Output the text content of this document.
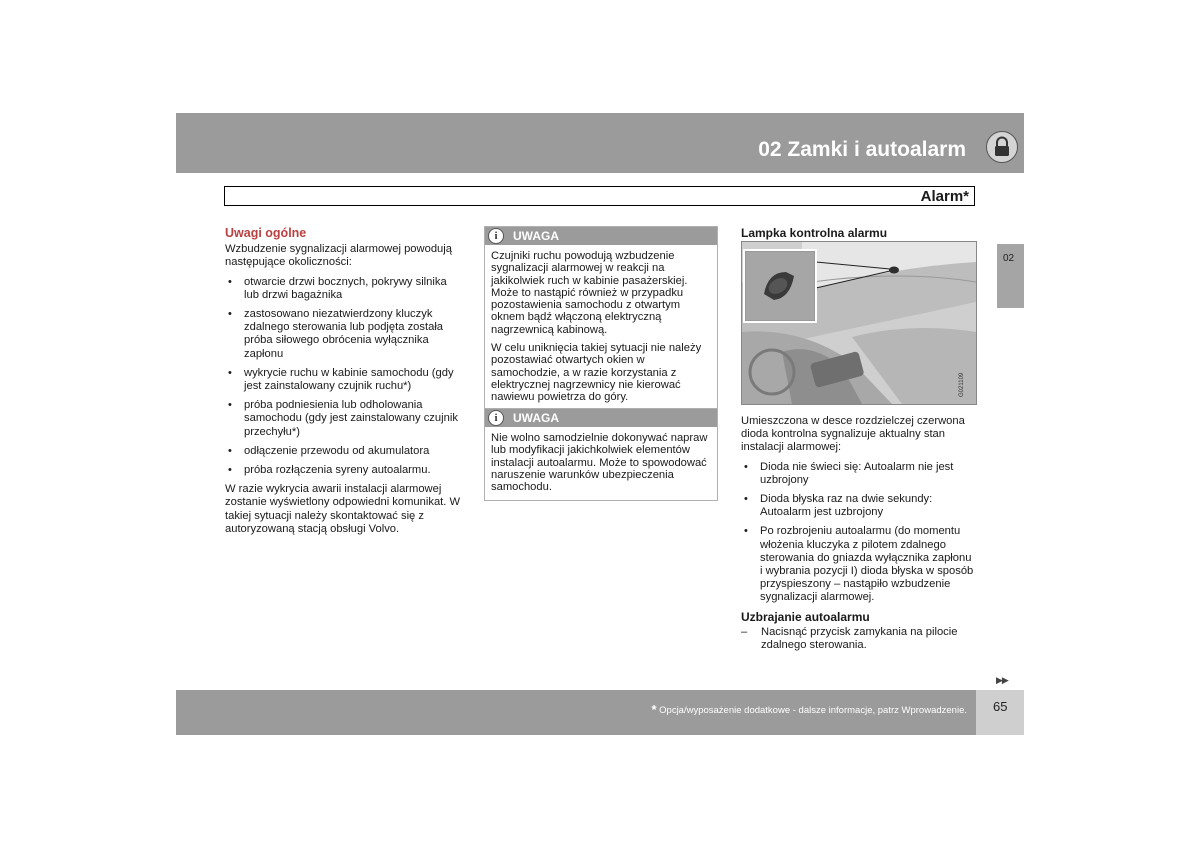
02 Zamki i autoalarm
Alarm*
02
Uwagi ogólne

Wzbudzenie sygnalizacji alarmowej powodują następujące okoliczności:

• otwarcie drzwi bocznych, pokrywy silnika lub drzwi bagażnika
• zastosowano niezatwierdzony kluczyk zdalnego sterowania lub podjęta została próba siłowego obrócenia wyłącznika zapłonu
• wykrycie ruchu w kabinie samochodu (gdy jest zainstalowany czujnik ruchu*)
• próba podniesienia lub odholowania samochodu (gdy jest zainstalowany czujnik przechyłu*)
• odłączenie przewodu od akumulatora
• próba rozłączenia syreny autoalarmu.

W razie wykrycia awarii instalacji alarmowej zostanie wyświetlony odpowiedni komunikat. W takiej sytuacji należy skontaktować się z autoryzowaną stacją obsługi Volvo.

i	UWAGA

Czujniki ruchu powodują wzbudzenie sygnalizacji alarmowej w reakcji na jakikolwiek ruch w kabinie pasażerskiej. Może to nastąpić również w przypadku pozostawienia samochodu z otwartym oknem bądź włączoną elektryczną nagrzewnicą kabinową.

W celu uniknięcia takiej sytuacji nie należy pozostawiać otwartych okien w samochodzie, a w razie korzystania z elektrycznej nagrzewnicy nie kierować nawiewu powietrza do góry.

i	UWAGA

Nie wolno samodzielnie dokonywać napraw lub modyfikacji jakichkolwiek elementów instalacji autoalarmu. Może to spowodować naruszenie warunków ubezpieczenia samochodu.

Lampka kontrolna alarmu
G021109

Umieszczona w desce rozdzielczej czerwona dioda kontrolna sygnalizuje aktualny stan instalacji alarmowej:

• Dioda nie świeci się: Autoalarm nie jest uzbrojony
• Dioda błyska raz na dwie sekundy: Autoalarm jest uzbrojony
• Po rozbrojeniu autoalarmu (do momentu włożenia kluczyka z pilotem zdalnego sterowania do gniazda wyłącznika zapłonu i wybrania pozycji I) dioda błyska w sposób przyspieszony – nastąpiło wzbudzenie sygnalizacji alarmowej.
Uzbrajanie autoalarmu
– Nacisnąć przycisk zamykania na pilocie zdalnego sterowania.
▶▶
* Opcja/wyposażenie dodatkowe - dalsze informacje, patrz Wprowadzenie. 65
